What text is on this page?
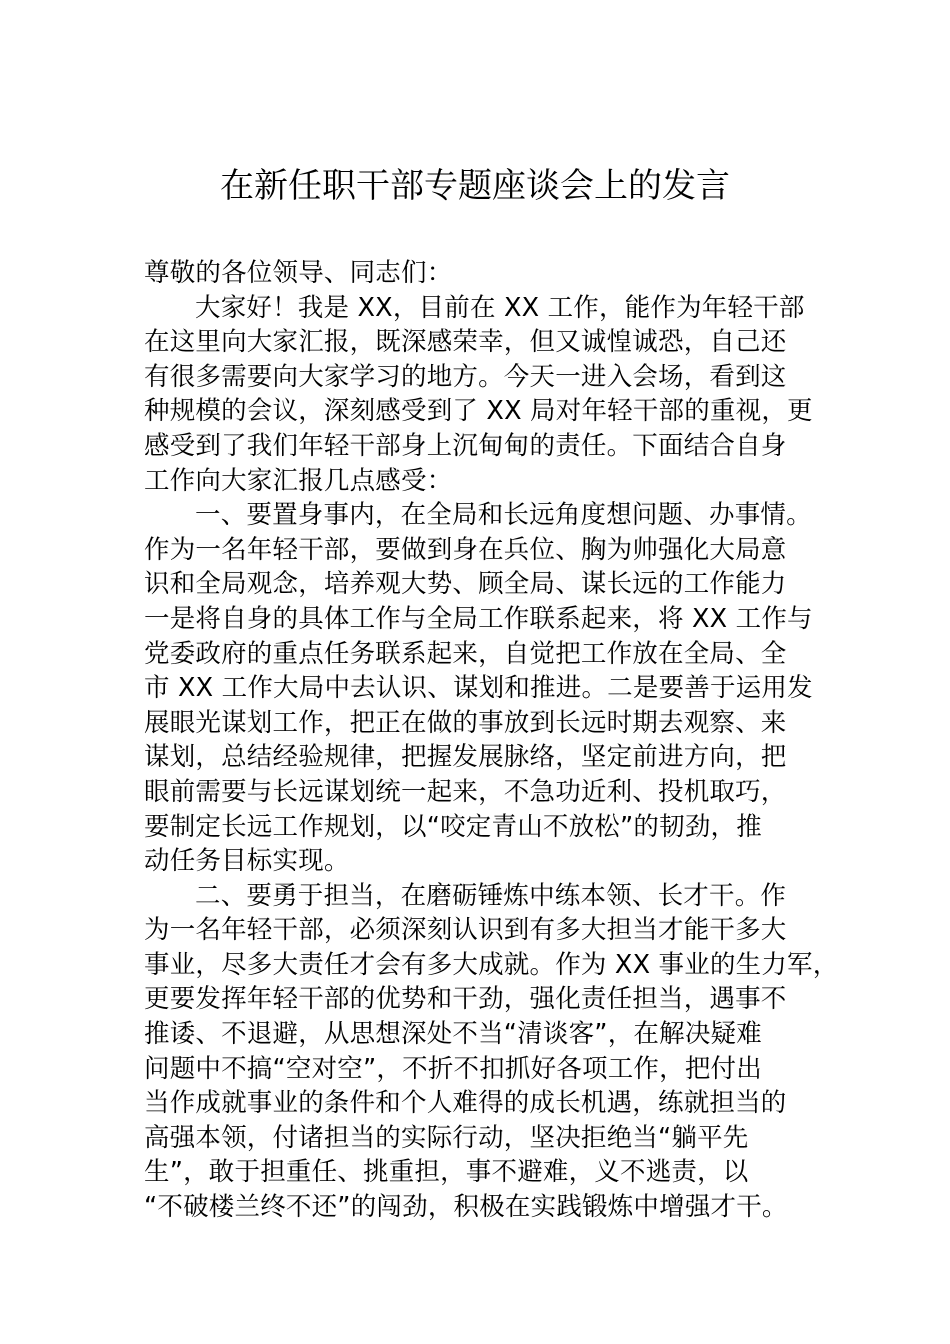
在新任职干部专题座谈会上的发言
尊敬的各位领导、同志们：
大家好！我是 XX，目前在 XX 工作，能作为年轻干部
在这里向大家汇报，既深感荣幸，但又诚惶诚恐，自己还
有很多需要向大家学习的地方。今天一进入会场，看到这
种规模的会议，深刻感受到了 XX 局对年轻干部的重视，更
感受到了我们年轻干部身上沉甸甸的责任。下面结合自身
工作向大家汇报几点感受：
一、要置身事内，在全局和长远角度想问题、办事情。
作为一名年轻干部，要做到身在兵位、胸为帅强化大局意
识和全局观念，培养观大势、顾全局、谋长远的工作能力
一是将自身的具体工作与全局工作联系起来，将 XX 工作与
党委政府的重点任务联系起来，自觉把工作放在全局、全
市 XX 工作大局中去认识、谋划和推进。二是要善于运用发
展眼光谋划工作，把正在做的事放到长远时期去观察、来
谋划，总结经验规律，把握发展脉络，坚定前进方向，把
眼前需要与长远谋划统一起来，不急功近利、投机取巧，
要制定长远工作规划，以“咬定青山不放松”的韧劲，推
动任务目标实现。
二、要勇于担当，在磨砺锤炼中练本领、长才干。作
为一名年轻干部，必须深刻认识到有多大担当才能干多大
事业，尽多大责任才会有多大成就。作为 XX 事业的生力军，
更要发挥年轻干部的优势和干劲，强化责任担当，遇事不
推诿、不退避，从思想深处不当“清谈客”，在解决疑难
问题中不搞“空对空”，不折不扣抓好各项工作，把付出
当作成就事业的条件和个人难得的成长机遇，练就担当的
高强本领，付诸担当的实际行动，坚决拒绝当“躺平先
生”，敢于担重任、挑重担，事不避难，义不逃责，以
“不破楼兰终不还”的闯劲，积极在实践锻炼中增强才干。
